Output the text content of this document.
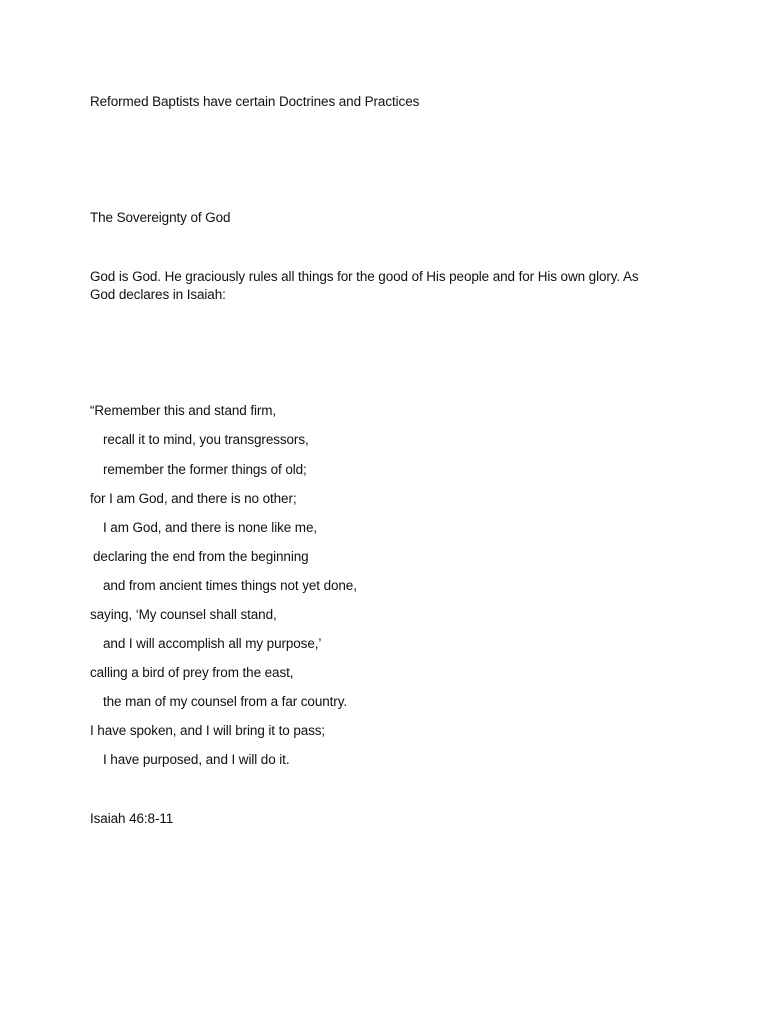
Reformed Baptists have certain Doctrines and Practices
The Sovereignty of God
God is God. He graciously rules all things for the good of His people and for His own glory. As God declares in Isaiah:
“Remember this and stand firm,
recall it to mind, you transgressors,
remember the former things of old;
for I am God, and there is no other;
I am God, and there is none like me,
declaring the end from the beginning
and from ancient times things not yet done,
saying, ‘My counsel shall stand,
and I will accomplish all my purpose,’
calling a bird of prey from the east,
the man of my counsel from a far country.
I have spoken, and I will bring it to pass;
I have purposed, and I will do it.
Isaiah 46:8-11
